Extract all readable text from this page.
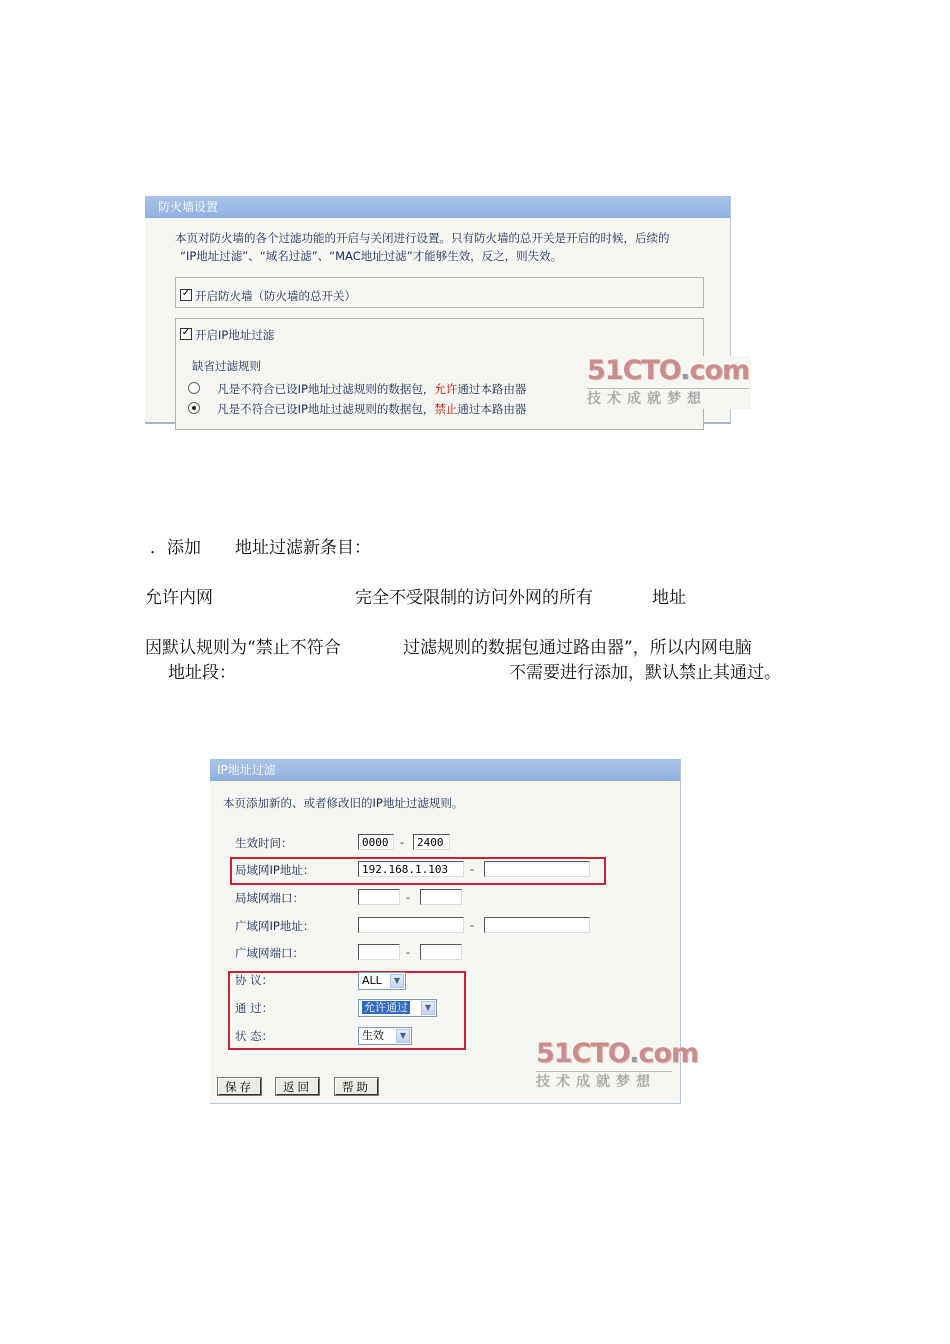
防火墙设置
本页对防火墙的各个过滤功能的开启与关闭进行设置。只有防火墙的总开关是开启的时候，后续的
“IP地址过滤”、“域名过滤”、“MAC地址过滤”才能够生效，反之，则失效。
✓开启防火墙（防火墙的总开关）
✓开启IP地址过滤
缺省过滤规则
凡是不符合已设IP地址过滤规则的数据包，允许通过本路由器
凡是不符合已设IP地址过滤规则的数据包，禁止通过本路由器
51CTO.com
技术成就梦想
．添加　　地址过滤新条目：
允许内网	完全不受限制的访问外网的所有	地址
因默认规则为“禁止不符合	过滤规则的数据包通过路由器”，所以内网电脑
地址段：	不需要进行添加，默认禁止其通过。
IP地址过滤
本页添加新的、或者修改旧的IP地址过滤规则。
生效时间：	0000	-	2400
局域网IP地址：	192.168.1.103	-
局域网端口：	-
广域网IP地址：	-
广域网端口：	-
协 议：	ALL	▼
通 过：	允许通过	▼
状 态：	生效	▼
51CTO.com
技术成就梦想
保存	返回	帮助
